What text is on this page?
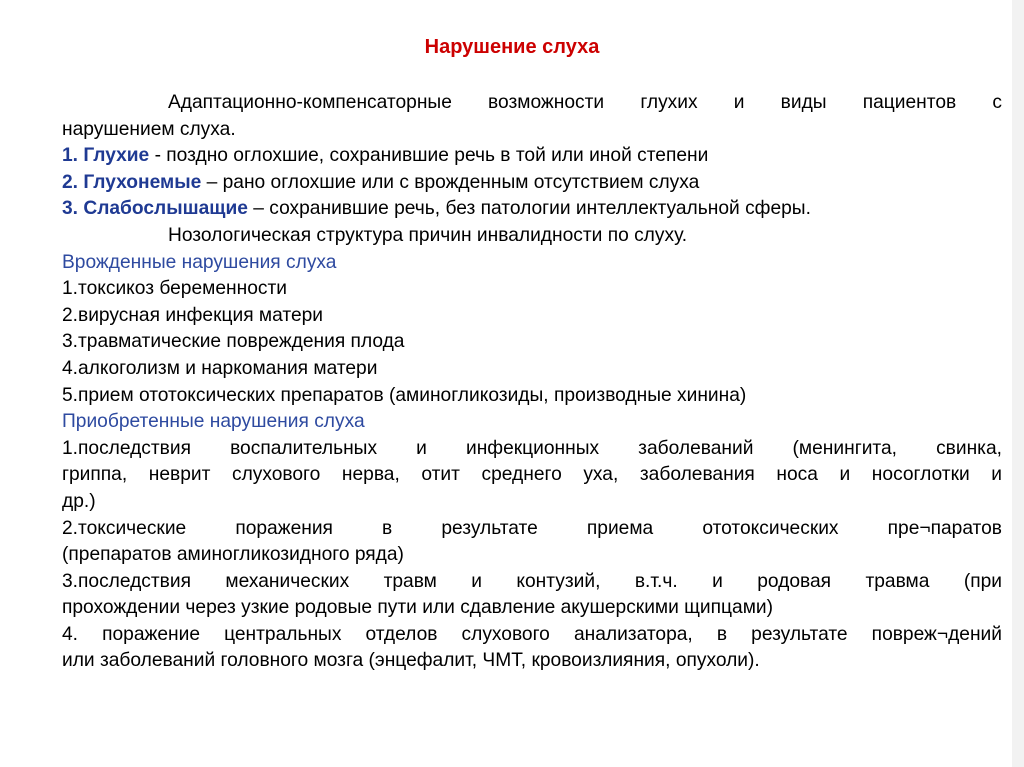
Нарушение слуха

Адаптационно-компенсаторные возможности глухих и виды пациентов с

нарушением слуха.

1. Глухие - поздно оглохшие, сохранившие речь в той или иной степени

2. Глухонемые – рано оглохшие или с врожденным отсутствием слуха

3. Слабослышащие – сохранившие речь, без патологии интеллектуальной сферы.

Нозологическая структура причин инвалидности по слуху.

Врожденные нарушения слуха

1.токсикоз беременности

2.вирусная инфекция матери

3.травматические повреждения плода

4.алкоголизм и наркомания матери

5.прием ототоксических препаратов (аминогликозиды, производные хинина)

Приобретенные нарушения слуха

1.последствия воспалительных и инфекционных заболеваний (менингита, свинка,

гриппа, неврит слухового нерва, отит среднего уха, заболевания носа и носоглотки и

др.)

2.токсические поражения в результате приема ототоксических пре¬паратов

(препаратов аминогликозидного ряда)

3.последствия механических травм и контузий, в.т.ч. и родовая травма (при

прохождении через узкие родовые пути или сдавление акушерскими щипцами)

4. поражение центральных отделов слухового анализатора, в результате повреж¬дений

или заболеваний головного мозга (энцефалит, ЧМТ, кровоизлияния, опухоли).
